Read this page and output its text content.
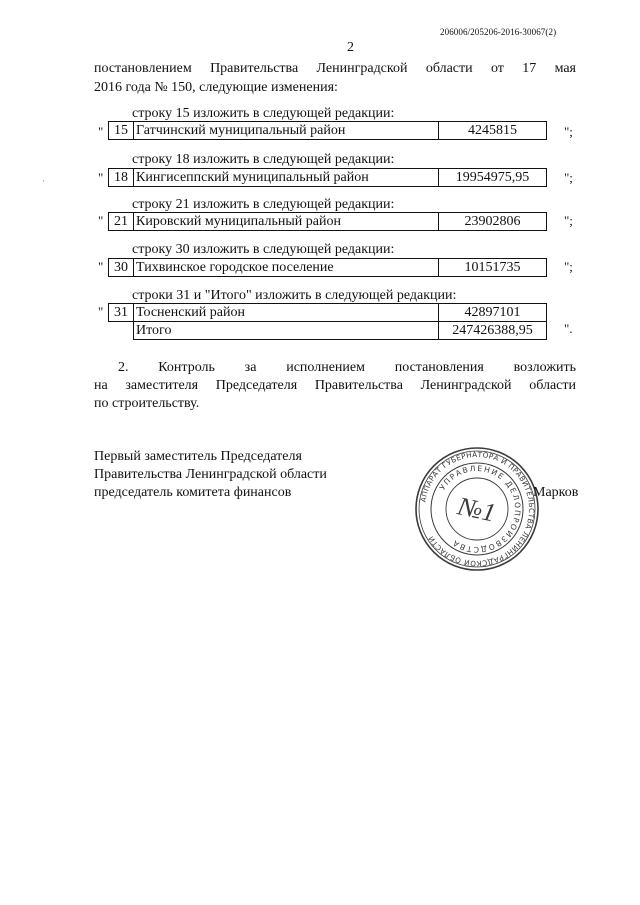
206006/205206-2016-30067(2)
2
постановлением Правительства Ленинградской области от 17 мая
2016 года № 150, следующие изменения:
строку 15 изложить в следующей редакции:
" 15	Гатчинский муниципальный район	4245815	";
строку 18 изложить в следующей редакции:
" 18	Кингисеппский муниципальный район	19954975,95	";
строку 21 изложить в следующей редакции:
" 21	Кировский муниципальный район	23902806	";
строку 30 изложить в следующей редакции:
" 30	Тихвинское городское поселение	10151735	";
строки 31 и "Итого" изложить в следующей редакции:
" 31	Тосненский район	42897101
	Итого	247426388,95 ".
2. Контроль за исполнением постановления возложить
на заместителя Председателя Правительства Ленинградской области
по строительству.
Первый заместитель Председателя
Правительства Ленинградской области
председатель комитета финансов	АППАРАТ ГУБЕРНАТОРА И ПРАВИТЕЛЬСТВА ЛЕНИНГРАДСКОЙ ОБЛАСТИ
УПРАВЛЕНИЕ ДЕЛОПРОИЗВОДСТВА
№1 Марков
·
